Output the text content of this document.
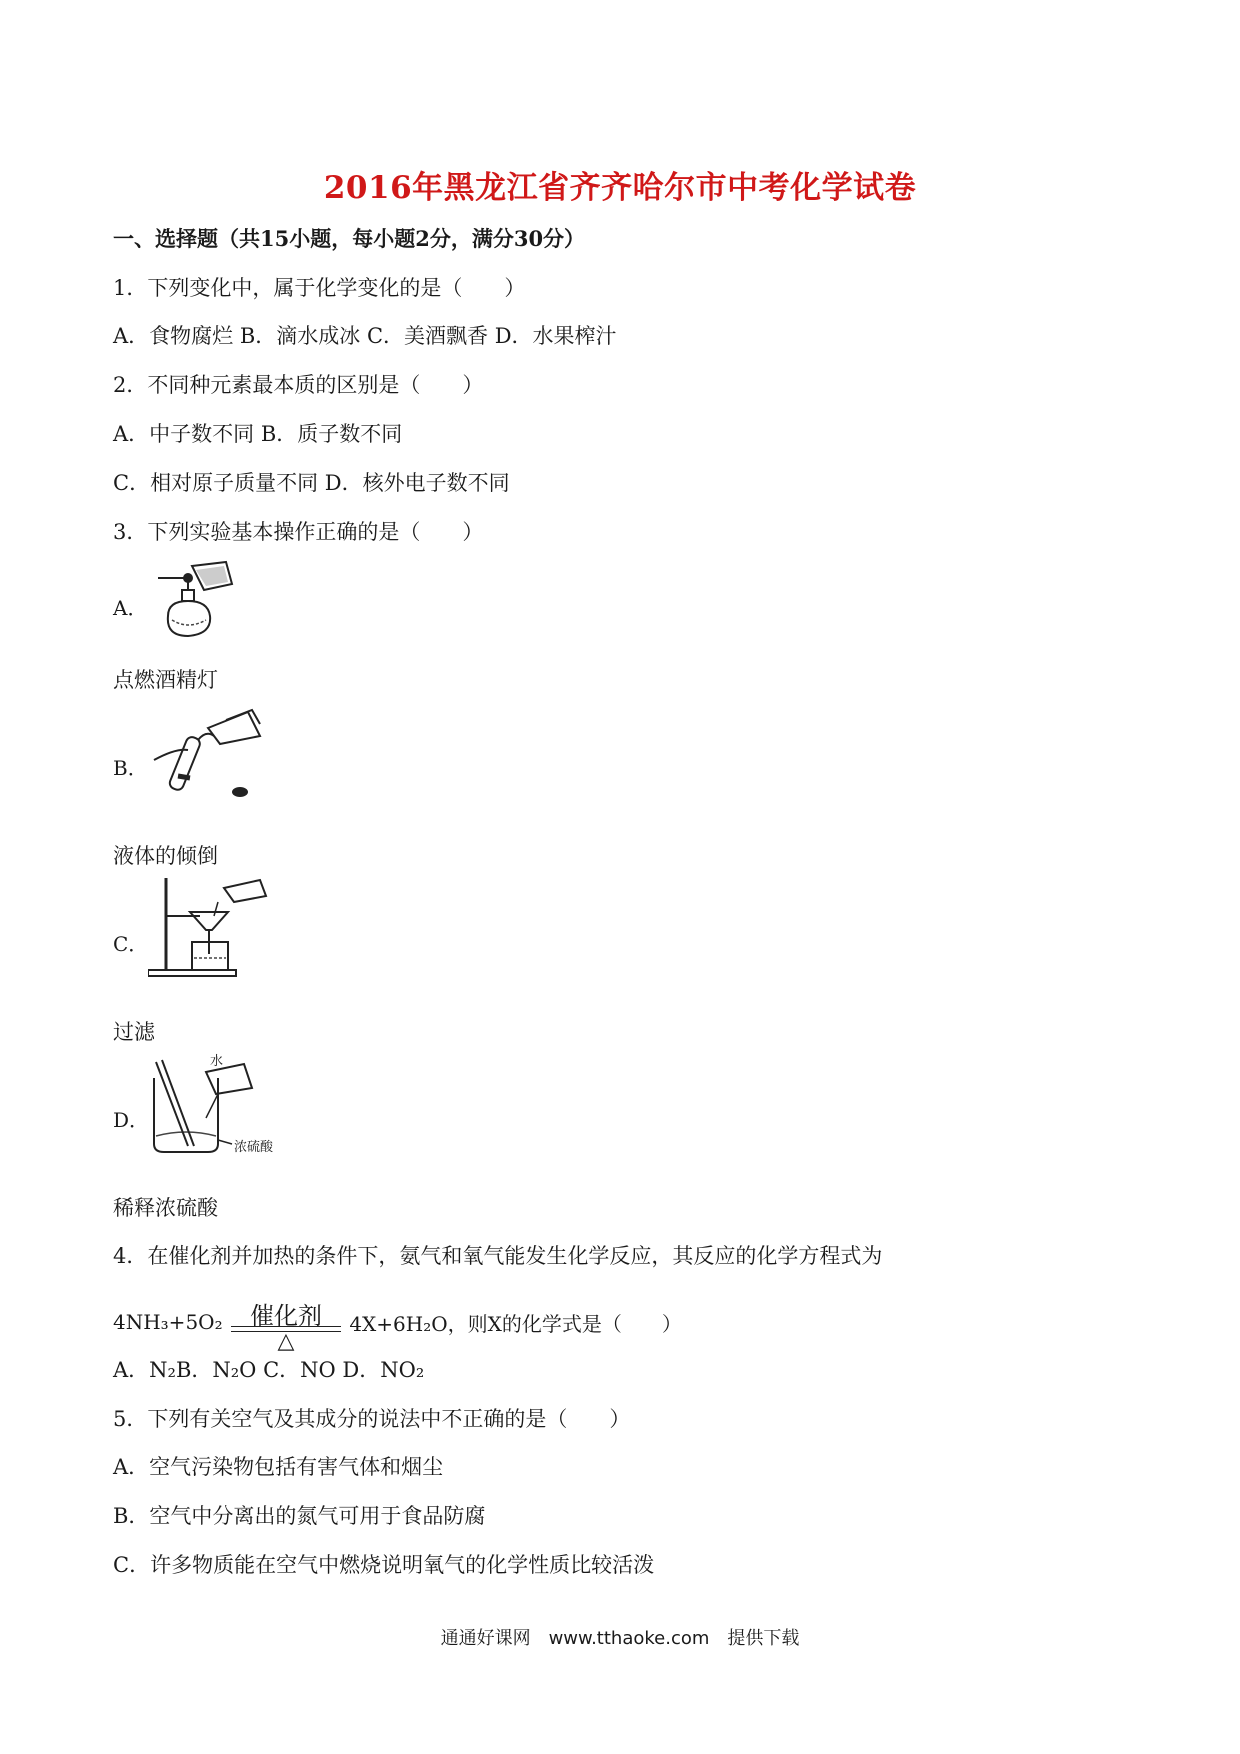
2016年黑龙江省齐齐哈尔市中考化学试卷
一、选择题（共15小题，每小题2分，满分30分）
1．下列变化中，属于化学变化的是（　　）
A．食物腐烂 B．滴水成冰 C．美酒飘香 D．水果榨汁
2．不同种元素最本质的区别是（　　）
A．中子数不同 B．质子数不同
C．相对原子质量不同 D．核外电子数不同
3．下列实验基本操作正确的是（　　）
A．
点燃酒精灯
B．
液体的倾倒
C．
过滤
D．
水
浓硫酸
稀释浓硫酸
4．在催化剂并加热的条件下，氨气和氧气能发生化学反应，其反应的化学方程式为
4NH₃+5O₂	催化剂
△
4X+6H₂O，则X的化学式是（　　）
A．N₂B．N₂O C．NO D．NO₂
5．下列有关空气及其成分的说法中不正确的是（　　）
A．空气污染物包括有害气体和烟尘
B．空气中分离出的氮气可用于食品防腐
C．许多物质能在空气中燃烧说明氧气的化学性质比较活泼
通通好课网　www.tthaoke.com　提供下载
